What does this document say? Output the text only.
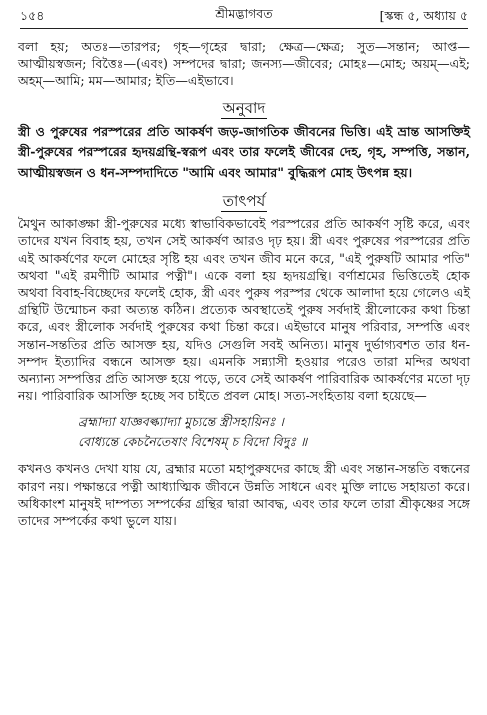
১৫৪	শ্রীমদ্ভাগবত	[স্কন্ধ ৫, অধ্যায় ৫

বলা হয়; অতঃ—তারপর; গৃহ—গৃহের দ্বারা; ক্ষেত্র—ক্ষেত্র; সুত—সন্তান; আপ্ত—আত্মীয়স্বজন; বিত্তৈঃ—(এবং) সম্পদের দ্বারা; জনস্য—জীবের; মোহঃ—মোহ; অয়ম্—এই; অহম্—আমি; মম—আমার; ইতি—এইভাবে।

অনুবাদ

স্ত্রী ও পুরুষের পরস্পরের প্রতি আকর্ষণ জড়-জাগতিক জীবনের ভিত্তি। এই ভ্রান্ত আসক্তিই স্ত্রী-পুরুষের পরস্পরের হৃদয়গ্রন্থি-স্বরূপ এবং তার ফলেই জীবের দেহ, গৃহ, সম্পত্তি, সন্তান, আত্মীয়স্বজন ও ধন-সম্পদাদিতে "আমি এবং আমার" বুদ্ধিরূপ মোহ উৎপন্ন হয়।

তাৎপর্য

মৈথুন আকাঙ্ক্ষা স্ত্রী-পুরুষের মধ্যে স্বাভাবিকভাবেই পরস্পরের প্রতি আকর্ষণ সৃষ্টি করে, এবং তাদের যখন বিবাহ হয়, তখন সেই আকর্ষণ আরও দৃঢ় হয়। স্ত্রী এবং পুরুষের পরস্পরের প্রতি এই আকর্ষণের ফলে মোহের সৃষ্টি হয় এবং তখন জীব মনে করে, "এই পুরুষটি আমার পতি" অথবা "এই রমণীটি আমার পত্নী"। একে বলা হয় হৃদয়গ্রন্থি। বর্ণাশ্রমের ভিত্তিতেই হোক অথবা বিবাহ-বিচ্ছেদের ফলেই হোক, স্ত্রী এবং পুরুষ পরস্পর থেকে আলাদা হয়ে গেলেও এই গ্রন্থিটি উন্মোচন করা অত্যন্ত কঠিন। প্রত্যেক অবস্থাতেই পুরুষ সর্বদাই স্ত্রীলোকের কথা চিন্তা করে, এবং স্ত্রীলোক সর্বদাই পুরুষের কথা চিন্তা করে। এইভাবে মানুষ পরিবার, সম্পত্তি এবং সন্তান-সন্ততির প্রতি আসক্ত হয়, যদিও সেগুলি সবই অনিত্য। মানুষ দুর্ভাগ্যবশত তার ধন-সম্পদ ইত্যাদির বন্ধনে আসক্ত হয়। এমনকি সন্ন্যাসী হওয়ার পরেও তারা মন্দির অথবা অন্যান্য সম্পত্তির প্রতি আসক্ত হয়ে পড়ে, তবে সেই আকর্ষণ পারিবারিক আকর্ষণের মতো দৃঢ় নয়। পারিবারিক আসক্তি হচ্ছে সব চাইতে প্রবল মোহ। সত্য-সংহিতায় বলা হয়েছে—

ব্রহ্মাদ্যা যাজ্ঞবল্ক্যাদ্যা মুচ্যন্তে স্ত্রীসহায়িনঃ ।
বোধ্যন্তে কেচনৈতেষাং বিশেষম্ চ বিদো বিদুঃ ॥

কখনও কখনও দেখা যায় যে, ব্রহ্মার মতো মহাপুরুষদের কাছে স্ত্রী এবং সন্তান-সন্ততি বন্ধনের কারণ নয়। পক্ষান্তরে পত্নী আধ্যাত্মিক জীবনে উন্নতি সাধনে এবং মুক্তি লাভে সহায়তা করে। অধিকাংশ মানুষই দাম্পত্য সম্পর্কের গ্রন্থির দ্বারা আবদ্ধ, এবং তার ফলে তারা শ্রীকৃষ্ণের সঙ্গে তাদের সম্পর্কের কথা ভুলে যায়।
